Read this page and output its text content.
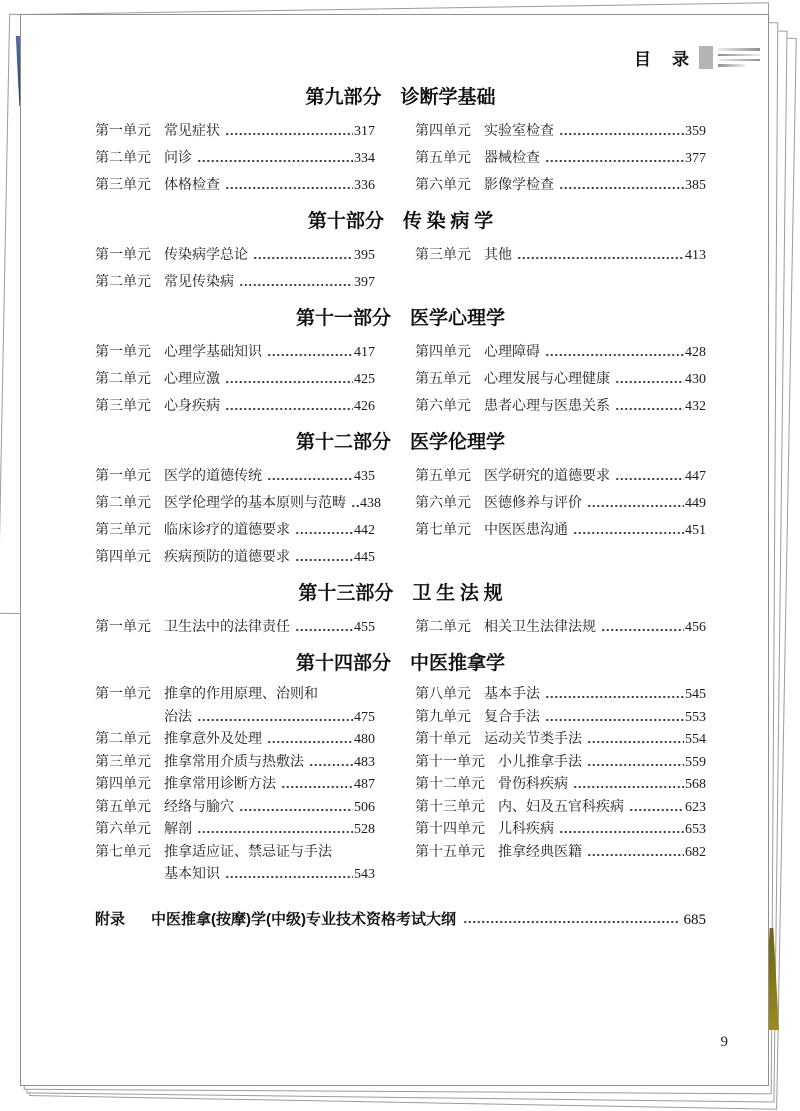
目　录
第九部分　诊断学基础
第一单元 常见症状	317
第二单元 问诊	334
第三单元 体格检查	336
第四单元 实验室检查	359
第五单元 器械检查	377
第六单元 影像学检查	385
第十部分　传 染 病 学
第一单元 传染病学总论	395
第二单元 常见传染病	397
第三单元 其他	413
第十一部分　医学心理学
第一单元 心理学基础知识	417
第二单元 心理应激	425
第三单元 心身疾病	426
第四单元 心理障碍	428
第五单元 心理发展与心理健康	430
第六单元 患者心理与医患关系	432
第十二部分　医学伦理学
第一单元 医学的道德传统	435
第二单元 医学伦理学的基本原则与范畴 438
第三单元 临床诊疗的道德要求	442
第四单元 疾病预防的道德要求	445
第五单元 医学研究的道德要求	447
第六单元 医德修养与评价	449
第七单元 中医医患沟通	451
第十三部分　卫 生 法 规
第一单元 卫生法中的法律责任	455	第二单元 相关卫生法律法规	456
第十四部分　中医推拿学
第一单元 推拿的作用原理、治则和
治法	475
第二单元 推拿意外及处理	480
第三单元 推拿常用介质与热敷法	483
第四单元 推拿常用诊断方法	487
第五单元 经络与腧穴	506
第六单元 解剖	528
第七单元 推拿适应证、禁忌证与手法
基本知识	543
第八单元 基本手法	545
第九单元 复合手法	553
第十单元 运动关节类手法	554
第十一单元 小儿推拿手法	559
第十二单元 骨伤科疾病	568
第十三单元 内、妇及五官科疾病	623
第十四单元 儿科疾病	653
第十五单元 推拿经典医籍	682
附录 中医推拿(按摩)学(中级)专业技术资格考试大纲	685
9
